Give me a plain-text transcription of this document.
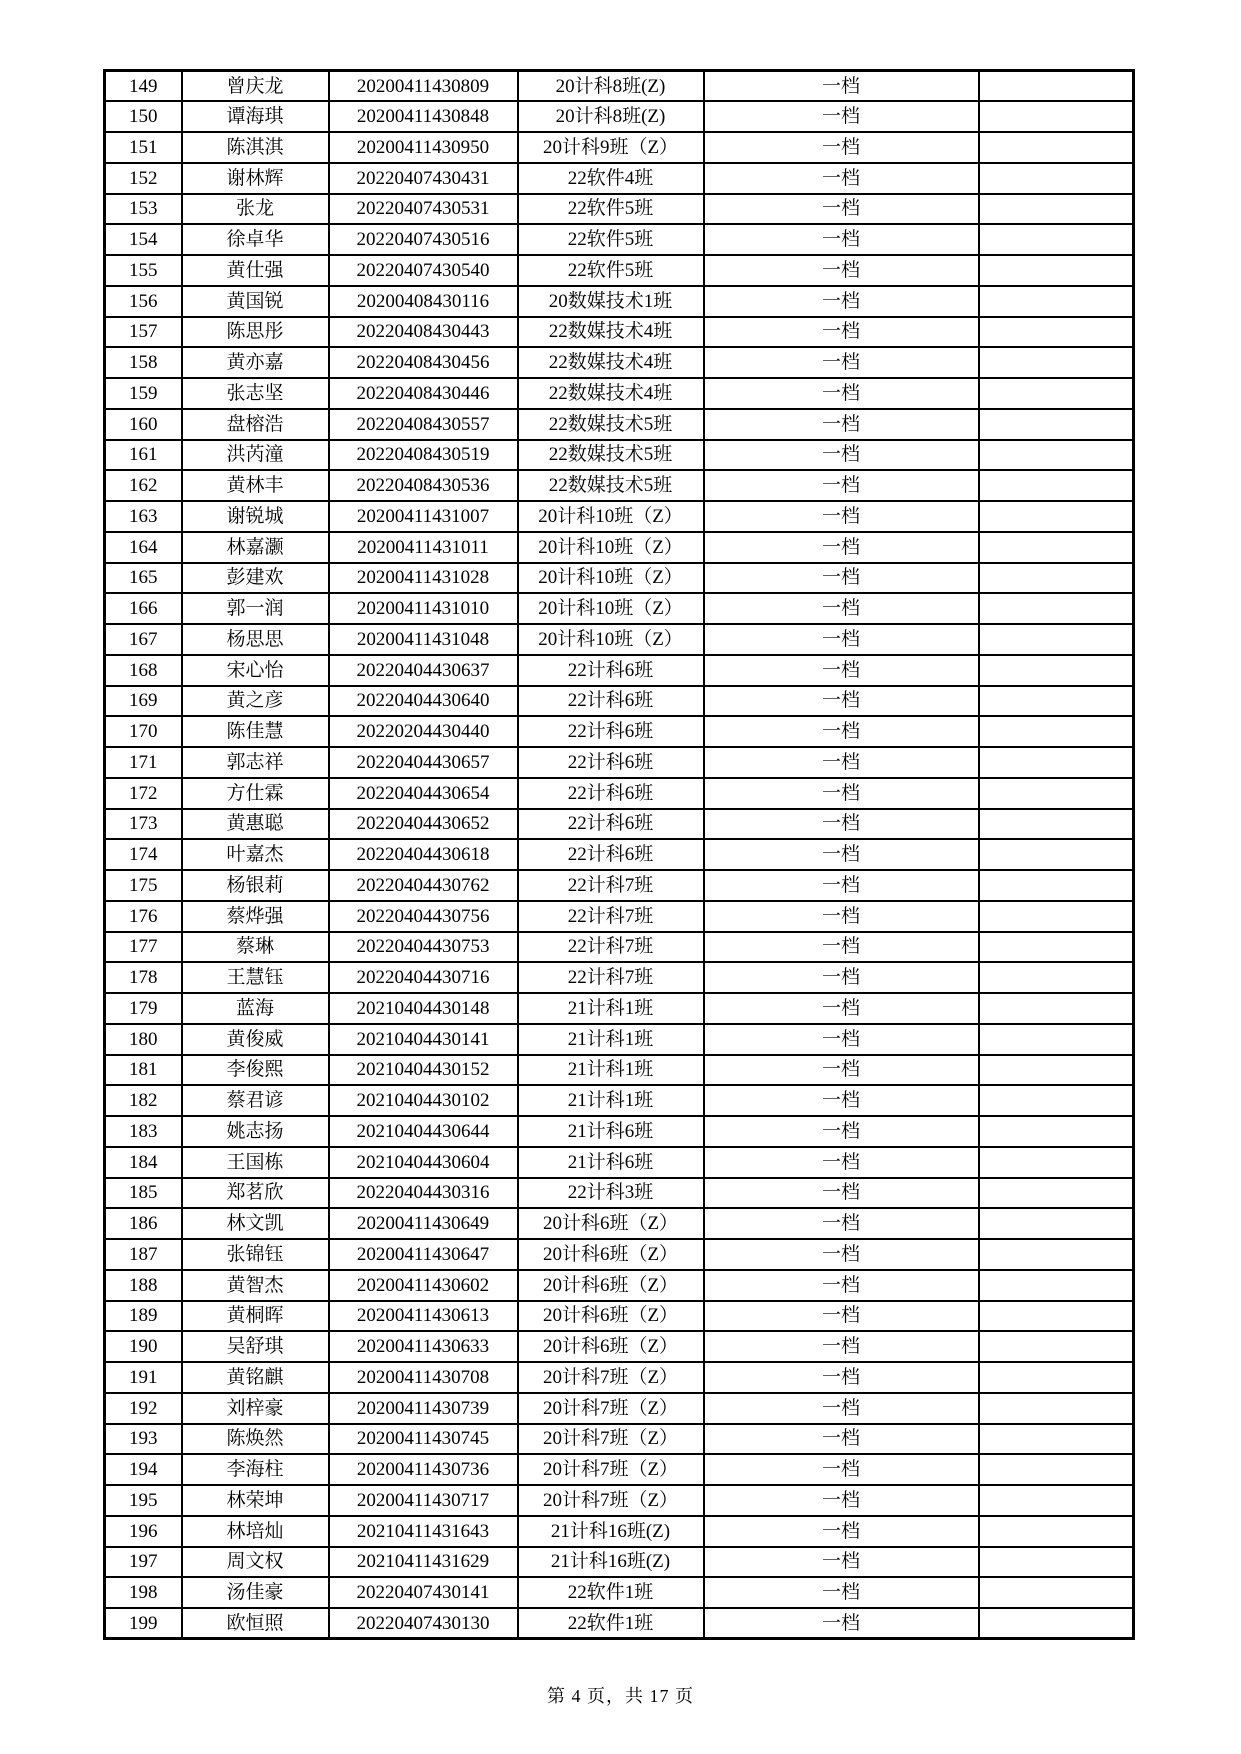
149	曾庆龙	20200411430809	20计科8班(Z)	一档	
150	谭海琪	20200411430848	20计科8班(Z)	一档	
151	陈淇淇	20200411430950	20计科9班（Z）	一档	
152	谢林辉	20220407430431	22软件4班	一档	
153	张龙	20220407430531	22软件5班	一档	
154	徐卓华	20220407430516	22软件5班	一档	
155	黄仕强	20220407430540	22软件5班	一档	
156	黄国锐	20200408430116	20数媒技术1班	一档	
157	陈思彤	20220408430443	22数媒技术4班	一档	
158	黄亦嘉	20220408430456	22数媒技术4班	一档	
159	张志坚	20220408430446	22数媒技术4班	一档	
160	盘榕浩	20220408430557	22数媒技术5班	一档	
161	洪芮潼	20220408430519	22数媒技术5班	一档	
162	黄林丰	20220408430536	22数媒技术5班	一档	
163	谢锐城	20200411431007	20计科10班（Z）	一档	
164	林嘉灏	20200411431011	20计科10班（Z）	一档	
165	彭建欢	20200411431028	20计科10班（Z）	一档	
166	郭一润	20200411431010	20计科10班（Z）	一档	
167	杨思思	20200411431048	20计科10班（Z）	一档	
168	宋心怡	20220404430637	22计科6班	一档	
169	黄之彦	20220404430640	22计科6班	一档	
170	陈佳慧	20220204430440	22计科6班	一档	
171	郭志祥	20220404430657	22计科6班	一档	
172	方仕霖	20220404430654	22计科6班	一档	
173	黄惠聪	20220404430652	22计科6班	一档	
174	叶嘉杰	20220404430618	22计科6班	一档	
175	杨银莉	20220404430762	22计科7班	一档	
176	蔡烨强	20220404430756	22计科7班	一档	
177	蔡琳	20220404430753	22计科7班	一档	
178	王慧钰	20220404430716	22计科7班	一档	
179	蓝海	20210404430148	21计科1班	一档	
180	黄俊威	20210404430141	21计科1班	一档	
181	李俊熙	20210404430152	21计科1班	一档	
182	蔡君谚	20210404430102	21计科1班	一档	
183	姚志扬	20210404430644	21计科6班	一档	
184	王国栋	20210404430604	21计科6班	一档	
185	郑茗欣	20220404430316	22计科3班	一档	
186	林文凯	20200411430649	20计科6班（Z）	一档	
187	张锦钰	20200411430647	20计科6班（Z）	一档	
188	黄智杰	20200411430602	20计科6班（Z）	一档	
189	黄桐晖	20200411430613	20计科6班（Z）	一档	
190	吴舒琪	20200411430633	20计科6班（Z）	一档	
191	黄铭麒	20200411430708	20计科7班（Z）	一档	
192	刘梓豪	20200411430739	20计科7班（Z）	一档	
193	陈焕然	20200411430745	20计科7班（Z）	一档	
194	李海柱	20200411430736	20计科7班（Z）	一档	
195	林荣坤	20200411430717	20计科7班（Z）	一档	
196	林培灿	20210411431643	21计科16班(Z)	一档	
197	周文权	20210411431629	21计科16班(Z)	一档	
198	汤佳豪	20220407430141	22软件1班	一档	
199	欧恒照	20220407430130	22软件1班	一档	
第 4 页，共 17 页
